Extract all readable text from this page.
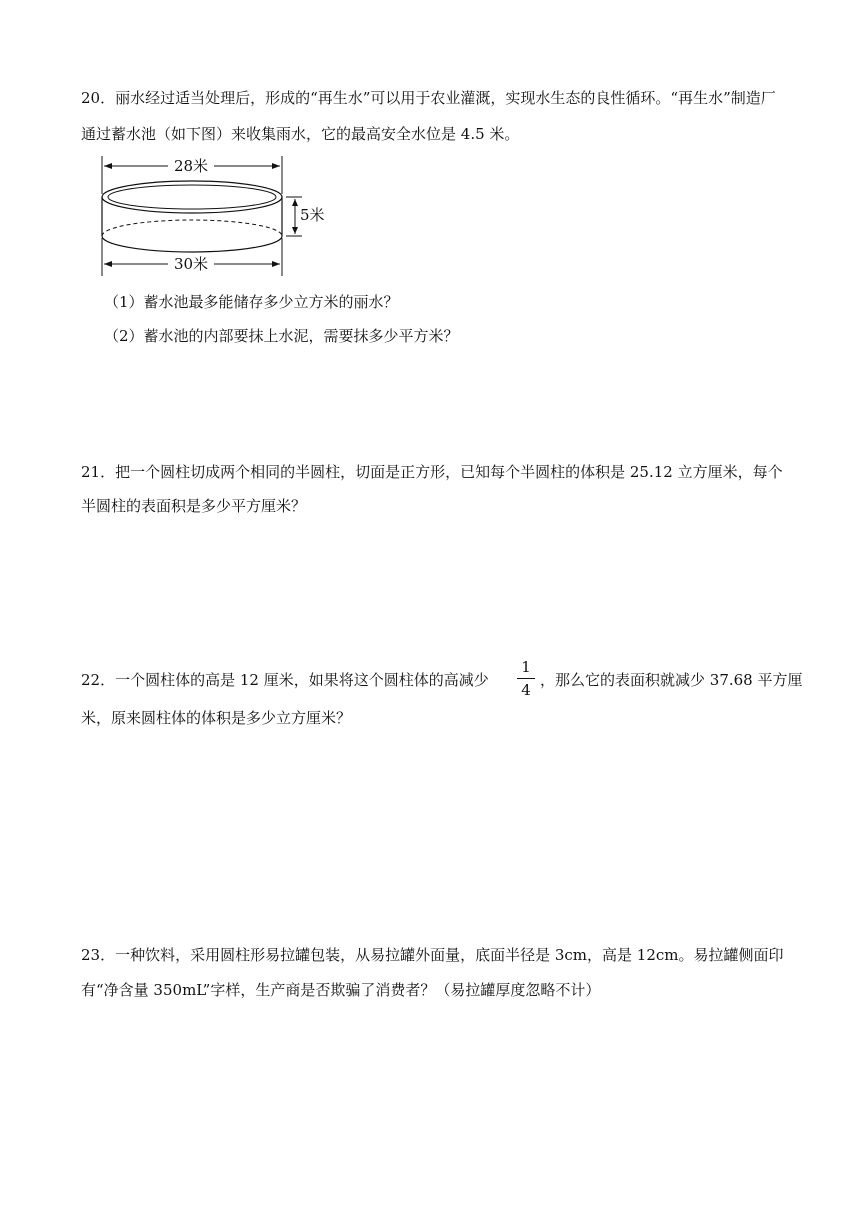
20．丽水经过适当处理后，形成的“再生水”可以用于农业灌溉，实现水生态的良性循环。“再生水”制造厂
通过蓄水池（如下图）来收集雨水，它的最高安全水位是 4.5 米。
28米
5米
30米
（1）蓄水池最多能储存多少立方米的丽水？
（2）蓄水池的内部要抹上水泥，需要抹多少平方米？
21．把一个圆柱切成两个相同的半圆柱，切面是正方形，已知每个半圆柱的体积是 25.12 立方厘米，每个
半圆柱的表面积是多少平方厘米？
22．一个圆柱体的高是 12 厘米，如果将这个圆柱体的高减少
1
4
，那么它的表面积就减少 37.68 平方厘
米，原来圆柱体的体积是多少立方厘米？
23．一种饮料，采用圆柱形易拉罐包装，从易拉罐外面量，底面半径是 3cm，高是 12cm。易拉罐侧面印
有“净含量 350mL”字样，生产商是否欺骗了消费者？（易拉罐厚度忽略不计）
